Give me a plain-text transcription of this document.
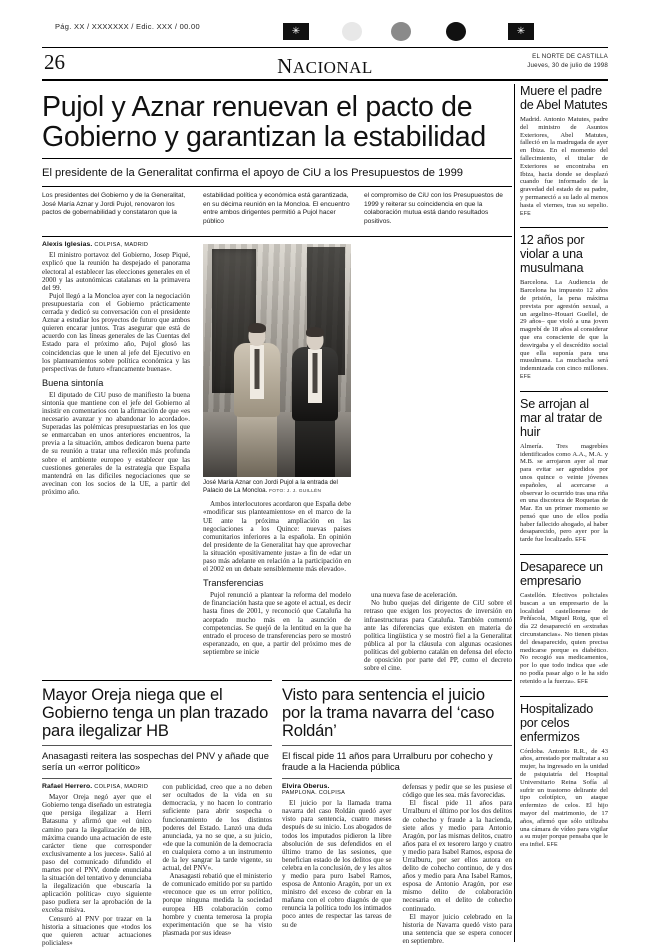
Pág. XX / XXXXXXX / Edic. XXX / 00.00	✳	✳
26	NACIONAL
EL NORTE DE CASTILLA
Jueves, 30 de julio de 1998
Pujol y Aznar renuevan el pacto de Gobierno y garantizan la estabilidad
El presidente de la Generalitat confirma el apoyo de CiU a los Presupuestos de 1999
Los presidentes del Gobierno y de la Generalitat, José María Aznar y Jordi Pujol, renovaron los pactos de gobernabilidad y constataron que la
estabilidad política y económica está garantizada, en su décima reunión en la Moncloa. El encuentro entre ambos dirigentes permitió a Pujol hacer público
el compromiso de CiU con los Presupuestos de 1999 y reiterar su coincidencia en que la colaboración mutua está dando resultados positivos.
Alexis Iglesias. COLPISA, MADRID

El ministro portavoz del Gobierno, Josep Piqué, explicó que la reunión ha despejado el panorama electoral al establecer las elecciones generales en el 2000 y las autonómicas catalanas en la primavera del 99.

Pujol llegó a la Moncloa ayer con la negociación presupuestaria con el Gobierno prácticamente cerrada y dedicó su conversación con el presidente Aznar a estudiar los proyectos de futuro que ambos quieren encarar juntos. Tras asegurar que está de acuerdo con las líneas generales de las Cuentas del Estado para el próximo año, Pujol glosó las coincidencias que le unen al jefe del Ejecutivo en los planteamientos sobre política económica y las perspectivas de futuro «francamente buenas».

Buena sintonía

El diputado de CiU puso de manifiesto la buena sintonía que mantiene con el jefe del Gobierno al insistir en comentarios con la afirmación de que «es necesario avanzar y no abandonar lo acordado». Superadas las polémicas presupuestarias en los que se enmarcaban en unos anteriores encuentros, la previa a la situación, ambos dedicaron buena parte de su reunión a tratar una reflexión más profunda sobre el ambiente europeo y establecer que las cuestiones generales de la estrategia que España mantendrá en las difíciles negociaciones que se avecinan con los socios de la UE, a partir del próximo año.

José María Aznar con Jordi Pujol a la entrada del Palacio de La Moncloa. FOTO: J. J. GUILLÉN

Ambos interlocutores acordaron que España debe «modificar sus planteamientos» en el marco de la UE ante la próxima ampliación en las negociaciones a los Quince: nuevas países comunitarios inferiores a la española. En opinión del presidente de la Generalitat hay que aprovechar la situación «positivamente justa» a fin de «dar un paso más adelante en relación a la participación en el 2002 en un debate sensiblemente más elevado».

Transferencias

Pujol renunció a plantear la reforma del modelo de financiación hasta que se agote el actual, es decir hasta fines de 2001, y reconoció que Cataluña ha aceptado mucho más en la asunción de competencias. Se quejó de la lentitud en la que ha entrado el proceso de transferencias pero se mostró esperanzado, en que, a partir del próximo mes de septiembre se inicie

una nueva fase de aceleración.

No hubo quejas del dirigente de CiU sobre el retraso que exigen los proyectos de inversión en infraestructuras para Cataluña. También comentó ante las diferencias que existen en materia de política lingüística y se mostró fiel a la Generalitat pública al por la cláusula con algunas ocasiones políticas del gobierno catalán en defensa del efecto de oposición por parte del PP, como el decreto sobre el cine.

Mayor Oreja niega que el Gobierno tenga un plan trazado para ilegalizar HB
Anasagasti reitera las sospechas del PNV y añade que sería un «error político»
Rafael Herrero. COLPISA, MADRID

Mayor Oreja negó ayer que el Gobierno tenga diseñado un estrategia que persiga ilegalizar a Herri Batasuna y afirmó que «el único camino para la ilegalización de HB, máxima cuando una actuación de este carácter tiene que corresponder exclusivamente a los jueces». Salió al paso del comunicado difundido el martes por el PNV, donde enunciaba la situación del tentativo y denunciaba la ilegalización que «buscaría la aplicación política» cuyo siguiente paso pudiera ser la aprobación de la excelsa misiva.

Censuró al PNV por trazar en la historia a situaciones que «todos los que quieren actuar actuaciones policiales»

con publicidad, creo que a no deben ser ocultados de la vida en su democracia, y no hacen lo contrario suficiente para abrir sospecha o funcionamiento de los distintos poderes del Estado. Lanzó una duda anunciada, ya no se que, a su juicio, «de que la comunión de la democracia en cualquiera como a un instrumento de la ley sangrar la tarde vigente, su actual, del PNV».

Anasagasti rebatió que el ministerio de comunicado emitido por su partido «reconoce que es un error político, porque ninguna medida la sociedad europea HB colaboración como hombre y cuenta temerosa la propia experimentación que se ha visto plasmada por sus ideas»

Visto para sentencia el juicio por la trama navarra del ‘caso Roldán’
El fiscal pide 11 años para Urralburu por cohecho y fraude a la Hacienda pública
Elvira Oberus.
PAMPLONA. COLPISA

El juicio por la llamada trama navarra del caso Roldán quedó ayer visto para sentencia, cuatro meses después de su inicio. Los abogados de todos los imputados pidieron la libre absolución de sus defendidos en el último tramo de las sesiones, que benefician estado de los delitos que se celebra en la conclusión, de y les altos y medio para puro Isabel Ramos, esposa de Antonio Aragón, por un ex ministro del exceso de cobrar en la mañana con el cobro diagnós de que renuncia la política todo los intimados poco antes de respectar las tareas de su de

defensas y pedir que se les pusiese el código que les sea. más favorecidas.

El fiscal pide 11 años para Urralburu el último por los dos delitos de cohecho y fraude a la hacienda, siete años y medio para Antonio Aragón, por las mismas delitos, cuatro años para el ex tesorero largo y cuatro y medio para Isabel Ramos, esposa de Urralburu, por ser ellos autora en delito de cohecho continuo, de y dos años y medio para Ana Isabel Ramos, esposa de Antonio Aragón, por ese mismo delito de colaboración necesaria en el delito de cohecho continuado.

El mayor juicio celebrado en la historia de Navarra quedó visto para una sentencia que se espera conocer en septiembre.

Muere el padre de Abel Matutes

Madrid. Antonio Matutes, padre del ministro de Asuntos Exteriores, Abel Matutes, falleció en la madrugada de ayer en Ibiza. En el momento del fallecimiento, el titular de Exteriores se encontraba en Ibiza, hacia donde se desplazó cuando fue informado de la gravedad del estado de su padre, y permaneció a su lado al menos hasta el viernes, tras su sepelio. EFE

12 años por violar a una musulmana

Barcelona. La Audiencia de Barcelona ha impuesto 12 años de prisión, la pena máxima prevista por agresión sexual, a un argelino–Houari Guellel, de 29 años– que violó a una joven magrebí de 18 años al considerar que era consciente de que la desvirgaba y el descrédito social que ella suponía para una musulmana. La muchacha será indemnizada con cinco millones. EFE

Se arrojan al mar al tratar de huir

Almería. Tres magrebíes identificados como A.A., M.A. y M.B. se arrojaron ayer al mar para evitar ser agredidos por unos quince o veinte jóvenes españoles, al acercarse a observar lo ocurrido tras una riña en una discoteca de Roquetas de Mar. En un primer momento se pensó que uno de ellos podía haber fallecido ahogado, al haber desaparecido, pero ayer por la tarde fue localizado. EFE

Desaparece un empresario

Castellón. Efectivos policiales buscan a un empresario de la localidad castellonense de Peñíscola, Miguel Roig, que el día 22 desapareció en «extrañas circunstancias». No tienen pistas del desaparecido, quien precisa medicarse porque es diabético. No recogió sus medicamentos, por lo que todo indica que «de no podía pasar algo o le ha sido retenido a la fuerza». EFE

Hospitalizado por celos enfermizos

Córdoba. Antonio R.R., de 43 años, arrestado por maltratar a su mujer, ha ingresado en la unidad de psiquiatría del Hospital Universitario Reina Sofía al sufrir un trastorno delirante del tipo celotípico, un ataque enfermizo de celos. El hijo mayor del matrimonio, de 17 años, afirmó que sólo utilizaba una cámara de vídeo para vigilar a su mujer porque pensaba que le era infiel. EFE
